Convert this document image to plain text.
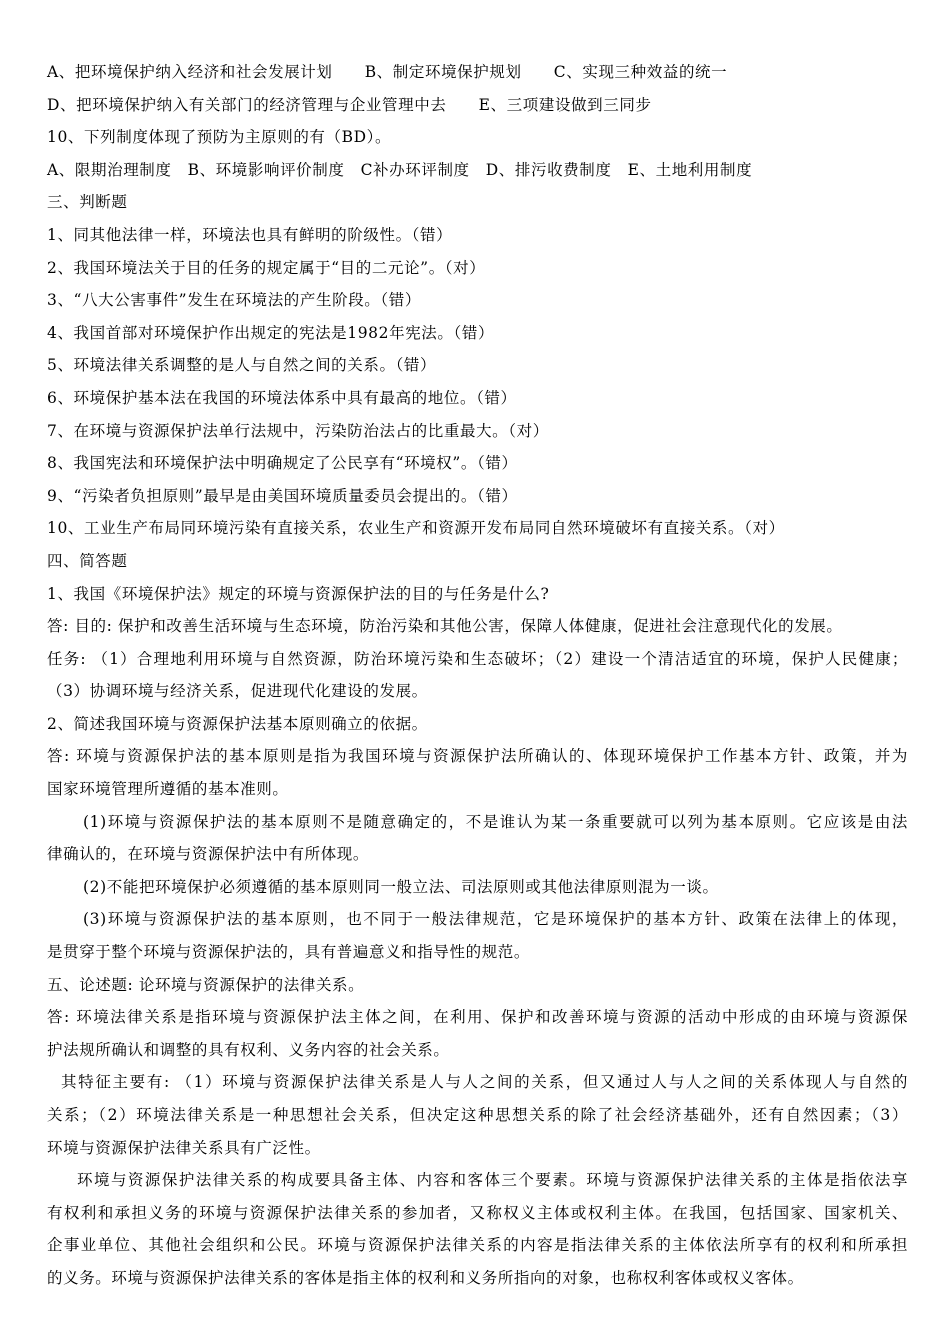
A、把环境保护纳入经济和社会发展计划　　B、制定环境保护规划　　C、实现三种效益的统一
D、把环境保护纳入有关部门的经济管理与企业管理中去　　E、三项建设做到三同步
10、下列制度体现了预防为主原则的有（BD）。
A、限期治理制度　B、环境影响评价制度　C补办环评制度　D、排污收费制度　E、土地利用制度
三、判断题
1、同其他法律一样，环境法也具有鲜明的阶级性。（错）
2、我国环境法关于目的任务的规定属于“目的二元论”。（对）
3、“八大公害事件”发生在环境法的产生阶段。（错）
4、我国首部对环境保护作出规定的宪法是1982年宪法。（错）
5、环境法律关系调整的是人与自然之间的关系。（错）
6、环境保护基本法在我国的环境法体系中具有最高的地位。（错）
7、在环境与资源保护法单行法规中，污染防治法占的比重最大。（对）
8、我国宪法和环境保护法中明确规定了公民享有“环境权”。（错）
9、“污染者负担原则”最早是由美国环境质量委员会提出的。（错）
10、工业生产布局同环境污染有直接关系，农业生产和资源开发布局同自然环境破坏有直接关系。（对）
四、简答题
1、我国《环境保护法》规定的环境与资源保护法的目的与任务是什么?
答: 目的: 保护和改善生活环境与生态环境，防治污染和其他公害，保障人体健康，促进社会注意现代化的发展。
任务: （1）合理地利用环境与自然资源，防治环境污染和生态破坏；（2）建设一个清洁适宜的环境，保护人民健康；
（3）协调环境与经济关系，促进现代化建设的发展。
2、简述我国环境与资源保护法基本原则确立的依据。
答: 环境与资源保护法的基本原则是指为我国环境与资源保护法所确认的、体现环境保护工作基本方针、政策，并为
国家环境管理所遵循的基本准则。
(1)环境与资源保护法的基本原则不是随意确定的，不是谁认为某一条重要就可以列为基本原则。它应该是由法
律确认的，在环境与资源保护法中有所体现。
(2)不能把环境保护必须遵循的基本原则同一般立法、司法原则或其他法律原则混为一谈。
(3)环境与资源保护法的基本原则，也不同于一般法律规范，它是环境保护的基本方针、政策在法律上的体现，
是贯穿于整个环境与资源保护法的，具有普遍意义和指导性的规范。
五、论述题: 论环境与资源保护的法律关系。
答: 环境法律关系是指环境与资源保护法主体之间，在利用、保护和改善环境与资源的活动中形成的由环境与资源保
护法规所确认和调整的具有权利、义务内容的社会关系。
其特征主要有: （1）环境与资源保护法律关系是人与人之间的关系，但又通过人与人之间的关系体现人与自然的
关系；（2）环境法律关系是一种思想社会关系，但决定这种思想关系的除了社会经济基础外，还有自然因素；（3）
环境与资源保护法律关系具有广泛性。
环境与资源保护法律关系的构成要具备主体、内容和客体三个要素。环境与资源保护法律关系的主体是指依法享
有权利和承担义务的环境与资源保护法律关系的参加者，又称权义主体或权利主体。在我国，包括国家、国家机关、
企事业单位、其他社会组织和公民。环境与资源保护法律关系的内容是指法律关系的主体依法所享有的权利和所承担
的义务。环境与资源保护法律关系的客体是指主体的权利和义务所指向的对象，也称权利客体或权义客体。
